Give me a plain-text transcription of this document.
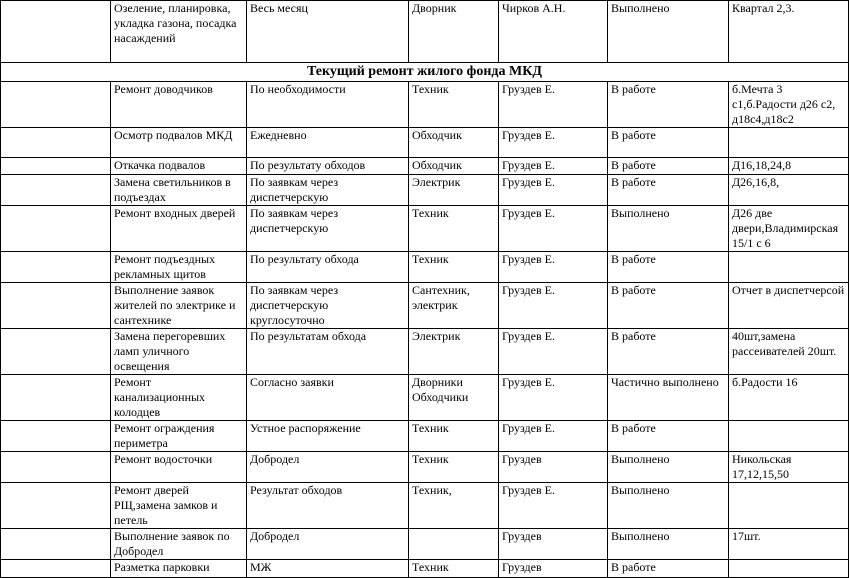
	Озеление, планировка, укладка газона, посадка насаждений	Весь месяц	Дворник	Чирков А.Н.	Выполнено	Квартал 2,3.
Текущий ремонт жилого фонда МКД						
	Ремонт доводчиков	По необходимости	Техник	Груздев Е.	В работе	б.Мечта 3 с1,б.Радости д26 с2, д18с4,д18с2
	Осмотр подвалов МКД	Ежедневно	Обходчик	Груздев Е.	В работе	
	Откачка подвалов	По результату обходов	Обходчик	Груздев Е.	В работе	Д16,18,24,8
	Замена светильников в подъездах	По заявкам через диспетчерскую	Электрик	Груздев Е.	В работе	Д26,16,8,
	Ремонт входных дверей	По заявкам через диспетчерскую	Техник	Груздев Е.	Выполнено	Д26 две двери,Владимирская 15/1 с 6
	Ремонт подъездных рекламных щитов	По результату обхода	Техник	Груздев Е.	В работе	
	Выполнение заявок жителей по электрике и сантехнике	По заявкам через диспетчерскую круглосуточно	Сантехник, электрик	Груздев Е.	В работе	Отчет в диспетчерсой
	Замена перегоревших ламп уличного освещения	По результатам обхода	Электрик	Груздев Е.	В работе	40шт,замена рассеивателей 20шт.
	Ремонт канализационных колодцев	Согласно заявки	Дворники Обходчики	Груздев Е.	Частично выполнено	б.Радости 16
	Ремонт ограждения периметра	Устное распоряжение	Техник	Груздев Е.	В работе	
	Ремонт водосточки	Добродел	Техник	Груздев	Выполнено	Никольская 17,12,15,50
	Ремонт дверей РЩ,замена замков и петель	Результат обходов	Техник,	Груздев Е.	Выполнено	
	Выполнение заявок по Добродел	Добродел		Груздев	Выполнено	17шт.
	Разметка парковки	МЖ	Техник	Груздев	В работе	
